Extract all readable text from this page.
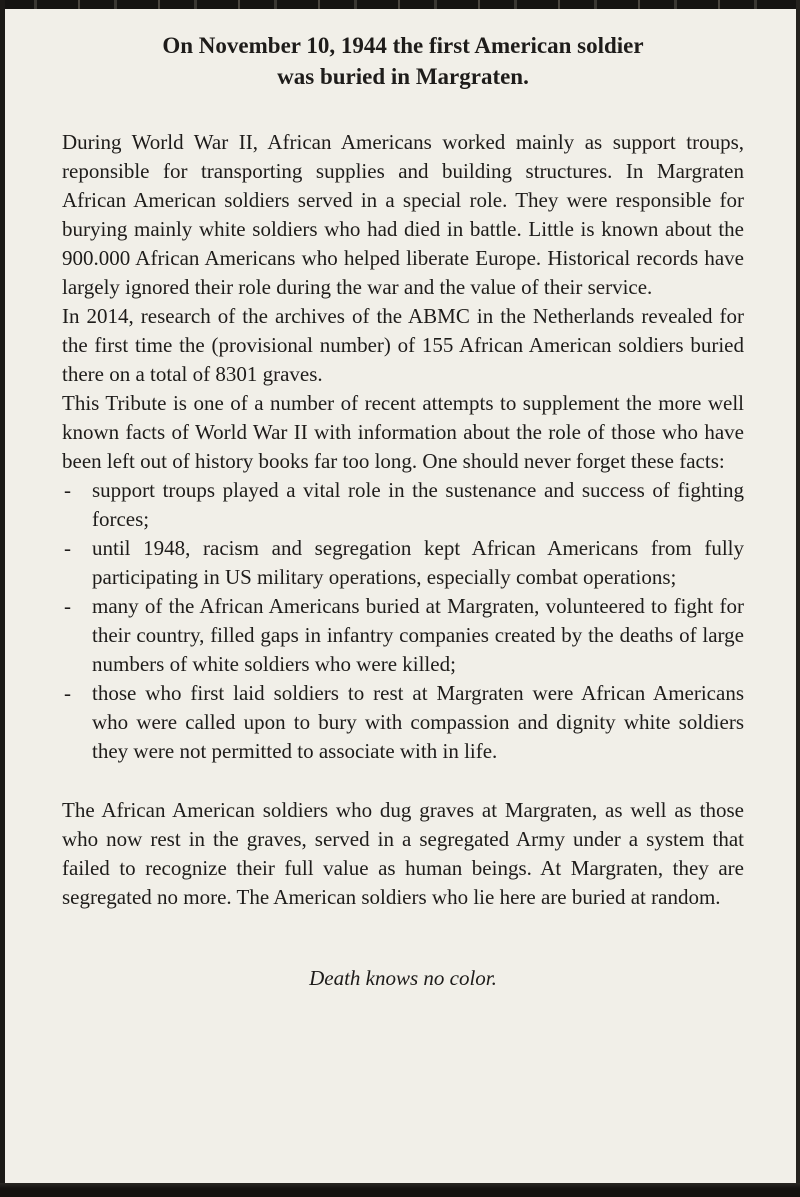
On November 10, 1944 the first American soldier
was buried in Margraten.

During World War II, African Americans worked mainly as support troups, reponsible for transporting supplies and building structures. In Margraten African American soldiers served in a special role. They were responsible for burying mainly white soldiers who had died in battle. Little is known about the 900.000 African Americans who helped liberate Europe. Historical records have largely ignored their role during the war and the value of their service.

In 2014, research of the archives of the ABMC in the Netherlands revealed for the first time the (provisional number) of 155 African American soldiers buried there on a total of 8301 graves.

This Tribute is one of a number of recent attempts to supplement the more well known facts of World War II with information about the role of those who have been left out of history books far too long. One should never forget these facts:

-	support troups played a vital role in the sustenance and success of fighting forces;
-	until 1948, racism and segregation kept African Americans from fully participating in US military operations, especially combat operations;
-	many of the African Americans buried at Margraten, volunteered to fight for their country, filled gaps in infantry companies created by the deaths of large numbers of white soldiers who were killed;
-	those who first laid soldiers to rest at Margraten were African Americans who were called upon to bury with compassion and dignity white soldiers they were not permitted to associate with in life.

The African American soldiers who dug graves at Margraten, as well as those who now rest in the graves, served in a segregated Army under a system that failed to recognize their full value as human beings. At Margraten, they are segregated no more. The American soldiers who lie here are buried at random.

Death knows no color.
